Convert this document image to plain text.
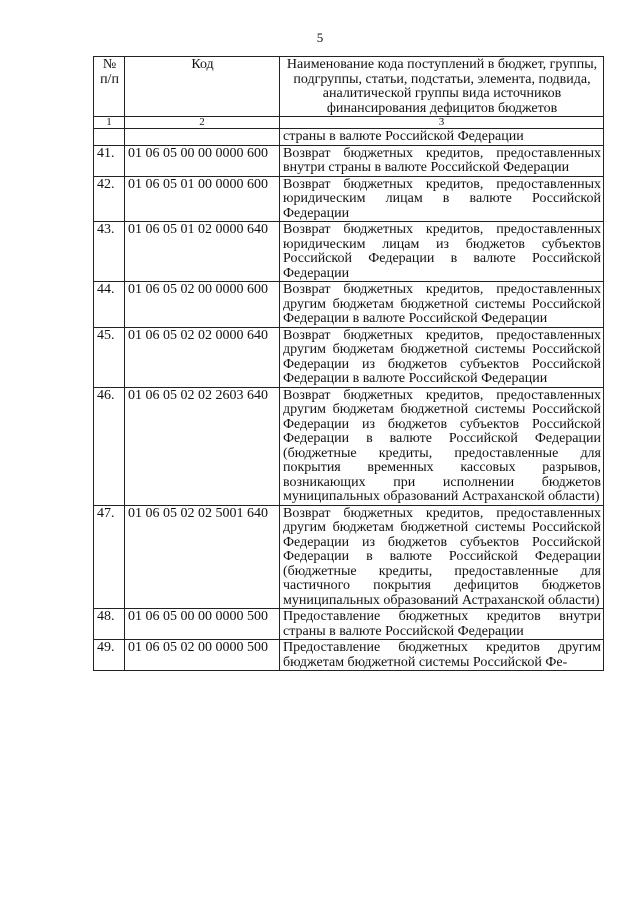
5
№ п/п	Код	Наименование кода поступлений в бюджет, группы, подгруппы, статьи, подстатьи, элемента, подвида, аналитической группы вида источников финансирования дефицитов бюджетов
1	2	3
		страны в валюте Российской Федерации
41.	01 06 05 00 00 0000 600	Возврат бюджетных кредитов, предоставленных внутри страны в валюте Российской Федерации
42.	01 06 05 01 00 0000 600	Возврат бюджетных кредитов, предоставленных юридическим лицам в валюте Российской Федерации
43.	01 06 05 01 02 0000 640	Возврат бюджетных кредитов, предоставленных юридическим лицам из бюджетов субъектов Российской Федерации в валюте Российской Федерации
44.	01 06 05 02 00 0000 600	Возврат бюджетных кредитов, предоставленных другим бюджетам бюджетной системы Российской Федерации в валюте Российской Федерации
45.	01 06 05 02 02 0000 640	Возврат бюджетных кредитов, предоставленных другим бюджетам бюджетной системы Российской Федерации из бюджетов субъектов Российской Федерации в валюте Российской Федерации
46.	01 06 05 02 02 2603 640	Возврат бюджетных кредитов, предоставленных другим бюджетам бюджетной системы Российской Федерации из бюджетов субъектов Российской Федерации в валюте Российской Федерации (бюджетные кредиты, предоставленные для покрытия временных кассовых разрывов, возникающих при исполнении бюджетов муниципальных образований Астраханской области)
47.	01 06 05 02 02 5001 640	Возврат бюджетных кредитов, предоставленных другим бюджетам бюджетной системы Российской Федерации из бюджетов субъектов Российской Федерации в валюте Российской Федерации (бюджетные кредиты, предоставленные для частичного покрытия дефицитов бюджетов муниципальных образований Астраханской области)
48.	01 06 05 00 00 0000 500	Предоставление бюджетных кредитов внутри страны в валюте Российской Федерации
49.	01 06 05 02 00 0000 500	Предоставление бюджетных кредитов другим бюджетам бюджетной системы Российской Фе-
